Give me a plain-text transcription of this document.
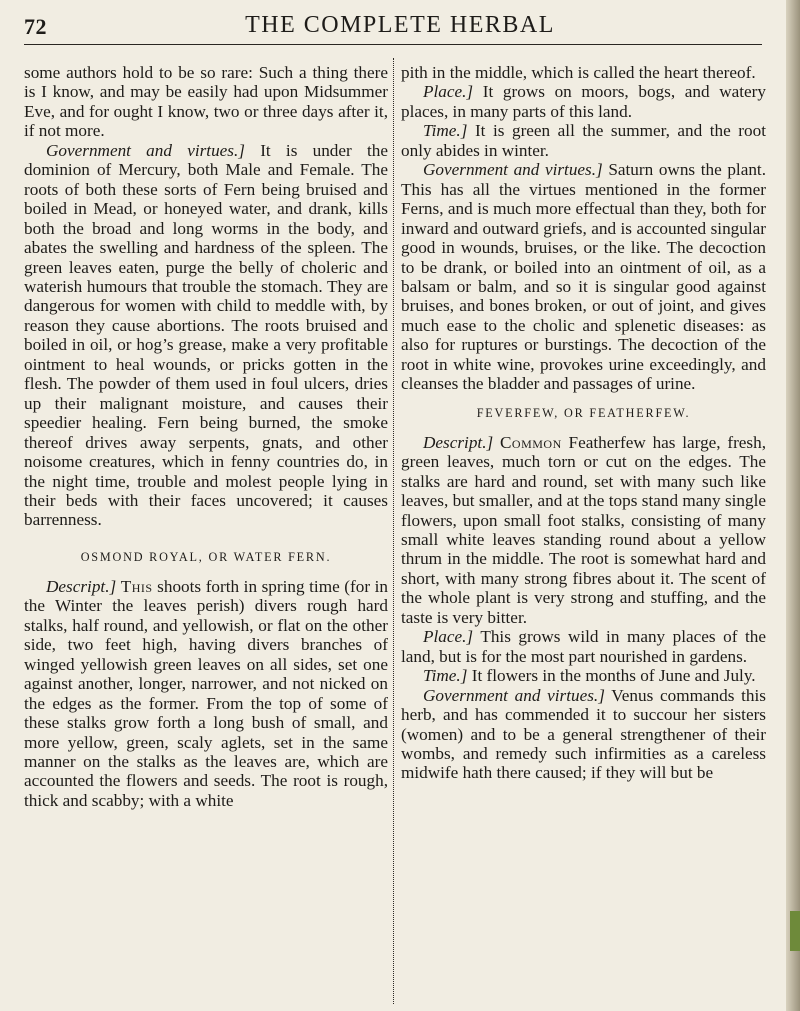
72	THE COMPLETE HERBAL

some authors hold to be so rare: Such a thing there is I know, and may be easily had upon Midsummer Eve, and for ought I know, two or three days after it, if not more.

Government and virtues.] It is under the dominion of Mercury, both Male and Female. The roots of both these sorts of Fern being bruised and boiled in Mead, or honeyed water, and drank, kills both the broad and long worms in the body, and abates the swelling and hardness of the spleen. The green leaves eaten, purge the belly of choleric and waterish humours that trouble the stomach. They are dangerous for women with child to meddle with, by reason they cause abortions. The roots bruised and boiled in oil, or hog’s grease, make a very profitable ointment to heal wounds, or pricks gotten in the flesh. The powder of them used in foul ulcers, dries up their malignant moisture, and causes their speedier healing. Fern being burned, the smoke thereof drives away serpents, gnats, and other noisome creatures, which in fenny countries do, in the night time, trouble and molest people lying in their beds with their faces uncovered; it causes barrenness.

OSMOND ROYAL, OR WATER FERN.

Descript.] This shoots forth in spring time (for in the Winter the leaves perish) divers rough hard stalks, half round, and yellowish, or flat on the other side, two feet high, having divers branches of winged yellowish green leaves on all sides, set one against another, longer, narrower, and not nicked on the edges as the former. From the top of some of these stalks grow forth a long bush of small, and more yellow, green, scaly aglets, set in the same manner on the stalks as the leaves are, which are accounted the flowers and seeds. The root is rough, thick and scabby; with a white

pith in the middle, which is called the heart thereof.

Place.] It grows on moors, bogs, and watery places, in many parts of this land.

Time.] It is green all the summer, and the root only abides in winter.

Government and virtues.] Saturn owns the plant. This has all the virtues mentioned in the former Ferns, and is much more effectual than they, both for inward and outward griefs, and is accounted singular good in wounds, bruises, or the like. The decoction to be drank, or boiled into an ointment of oil, as a balsam or balm, and so it is singular good against bruises, and bones broken, or out of joint, and gives much ease to the cholic and splenetic diseases: as also for ruptures or burstings. The decoction of the root in white wine, provokes urine exceedingly, and cleanses the bladder and passages of urine.

FEVERFEW, OR FEATHERFEW.

Descript.] Common Featherfew has large, fresh, green leaves, much torn or cut on the edges. The stalks are hard and round, set with many such like leaves, but smaller, and at the tops stand many single flowers, upon small foot stalks, consisting of many small white leaves standing round about a yellow thrum in the middle. The root is somewhat hard and short, with many strong fibres about it. The scent of the whole plant is very strong and stuffing, and the taste is very bitter.

Place.] This grows wild in many places of the land, but is for the most part nourished in gardens.

Time.] It flowers in the months of June and July.

Government and virtues.] Venus commands this herb, and has commended it to succour her sisters (women) and to be a general strengthener of their wombs, and remedy such infirmities as a careless midwife hath there caused; if they will but be
